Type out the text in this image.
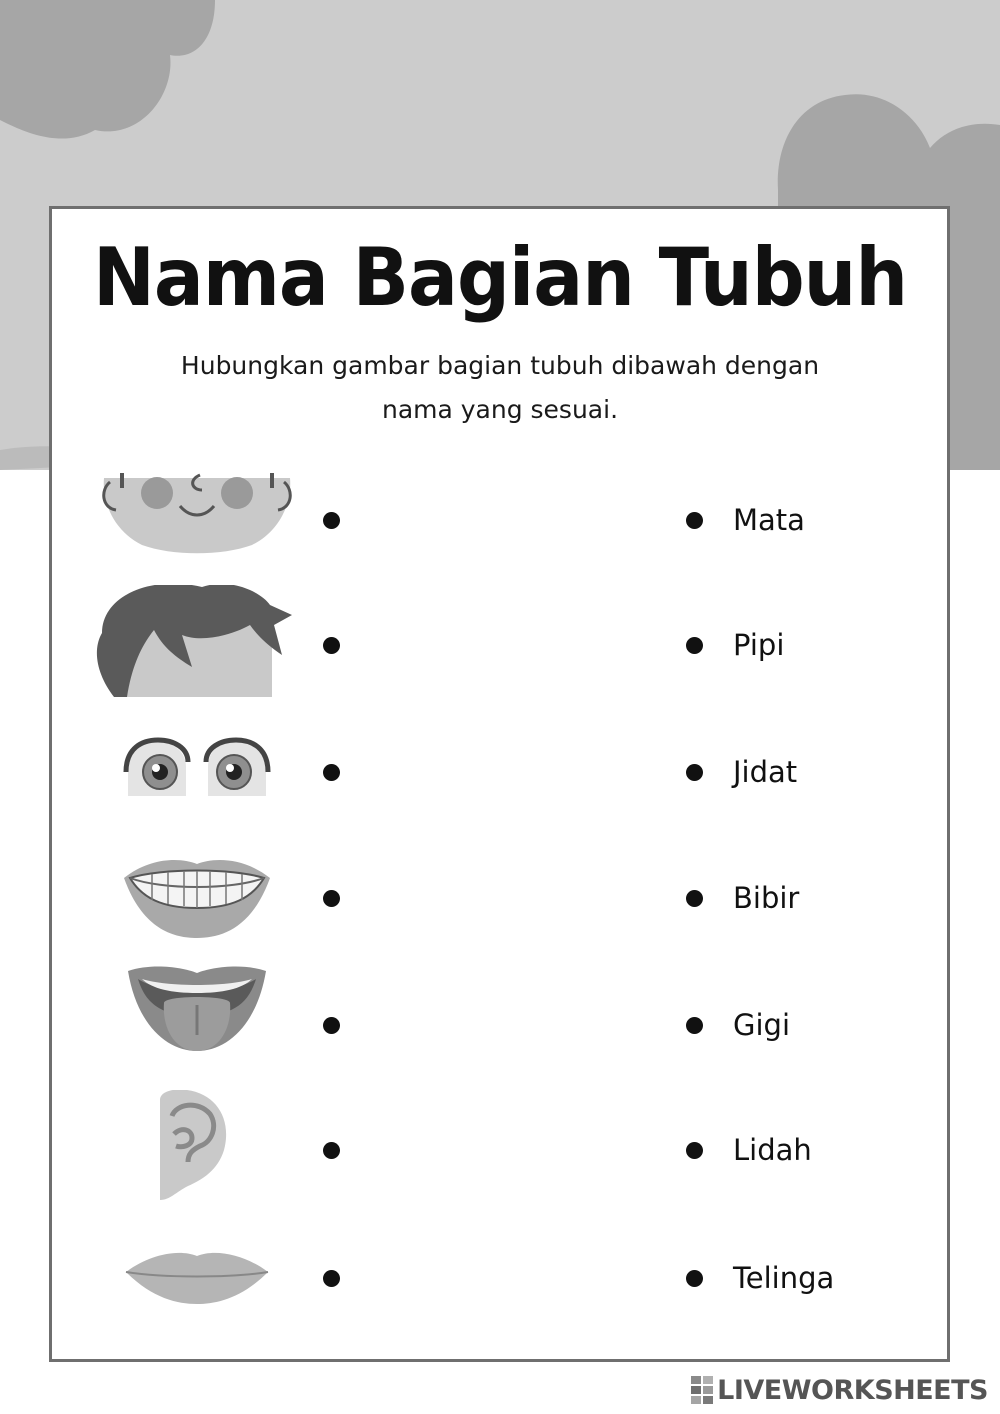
Nama Bagian Tubuh
Hubungkan gambar bagian tubuh dibawah dengan
nama yang sesuai.
Mata
Pipi
Jidat
Bibir
Gigi
Lidah
Telinga
LIVEWORKSHEETS
